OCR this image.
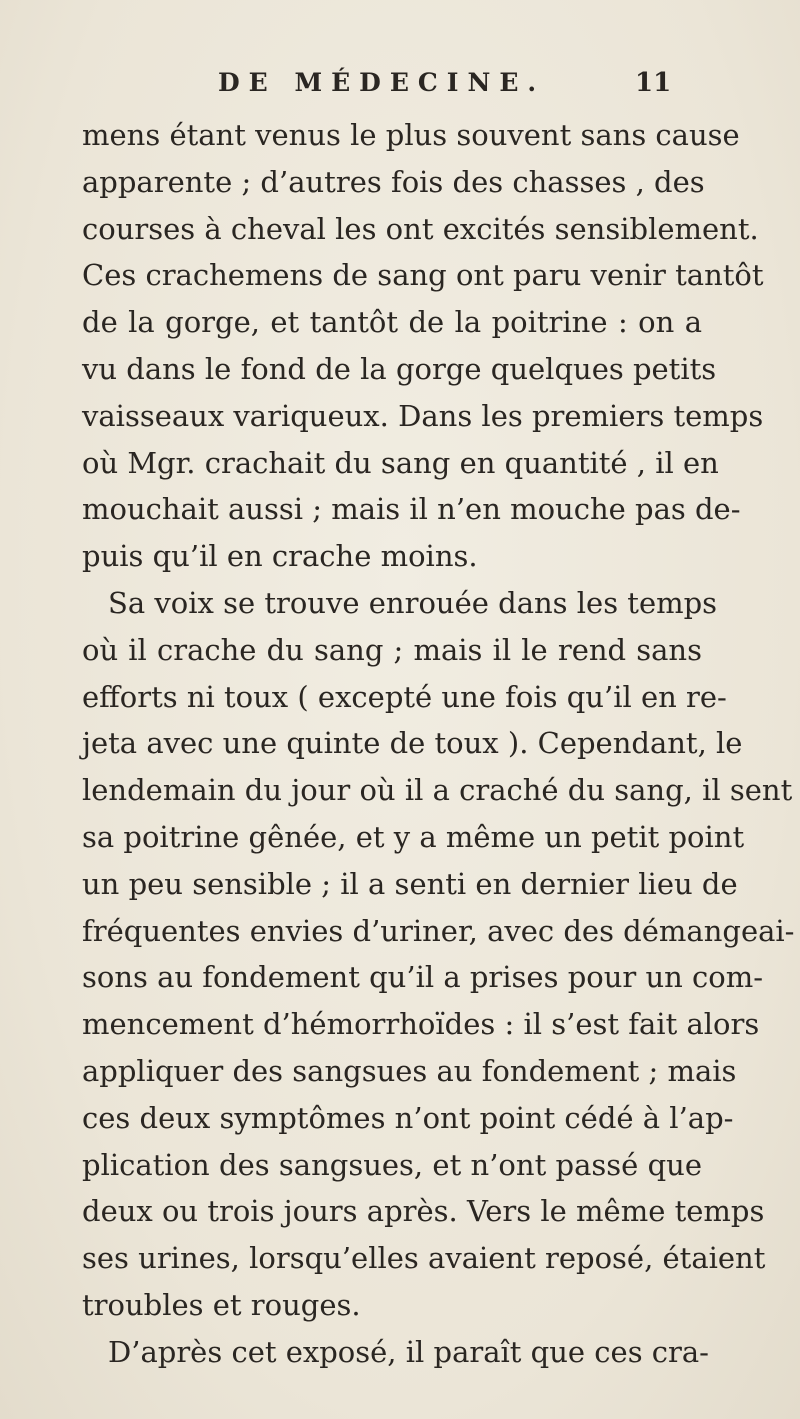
DE MÉDECINE.	11
mens étant venus le plus souvent sans cause
apparente ; d’autres fois des chasses , des
courses à cheval les ont excités sensiblement.
Ces crachemens de sang ont paru venir tantôt
de la gorge, et tantôt de la poitrine : on a
vu dans le fond de la gorge quelques petits
vaisseaux variqueux. Dans les premiers temps
où Mgr. crachait du sang en quantité , il en
mouchait aussi ; mais il n’en mouche pas de-
puis qu’il en crache moins.
Sa voix se trouve enrouée dans les temps
où il crache du sang ; mais il le rend sans
efforts ni toux ( excepté une fois qu’il en re-
jeta avec une quinte de toux ). Cependant, le
lendemain du jour où il a craché du sang, il sent
sa poitrine gênée, et y a même un petit point
un peu sensible ; il a senti en dernier lieu de
fréquentes envies d’uriner, avec des démangeai-
sons au fondement qu’il a prises pour un com-
mencement d’hémorrhoïdes : il s’est fait alors
appliquer des sangsues au fondement ; mais
ces deux symptômes n’ont point cédé à l’ap-
plication des sangsues, et n’ont passé que
deux ou trois jours après. Vers le même temps
ses urines, lorsqu’elles avaient reposé, étaient
troubles et rouges.
D’après cet exposé, il paraît que ces cra-
